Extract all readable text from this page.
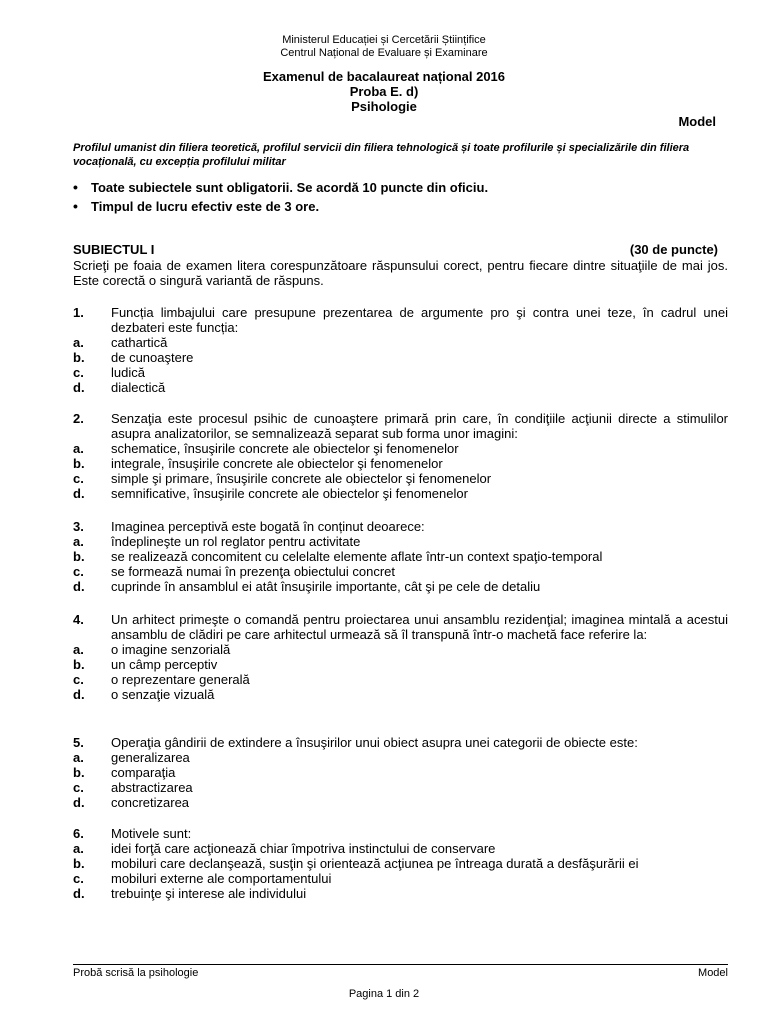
Ministerul Educației și Cercetării Științifice
Centrul Național de Evaluare și Examinare
Examenul de bacalaureat național 2016
Proba E. d)
Psihologie
Model
Profilul umanist din filiera teoretică, profilul servicii din filiera tehnologică și toate profilurile și specializările din filiera vocațională, cu excepția profilului militar
• Toate subiectele sunt obligatorii. Se acordă 10 puncte din oficiu.
• Timpul de lucru efectiv este de 3 ore.
SUBIECTUL I	(30 de puncte)
Scrieţi pe foaia de examen litera corespunzătoare răspunsului corect, pentru fiecare dintre situaţiile de mai jos. Este corectă o singură variantă de răspuns.
1.	Funcția limbajului care presupune prezentarea de argumente pro şi contra unei teze, în cadrul unei dezbateri este funcția:
a.	cathartică
b.	de cunoaştere
c.	ludică
d.	dialectică
2.	Senzaţia este procesul psihic de cunoaştere primară prin care, în condiţiile acţiunii directe a stimulilor asupra analizatorilor, se semnalizează separat sub forma unor imagini:
a.	schematice, însuşirile concrete ale obiectelor şi fenomenelor
b.	integrale, însuşirile concrete ale obiectelor şi fenomenelor
c.	simple şi primare, însuşirile concrete ale obiectelor şi fenomenelor
d.	semnificative, însuşirile concrete ale obiectelor şi fenomenelor
3.	Imaginea perceptivă este bogată în conținut deoarece:
a.	îndeplineşte un rol reglator pentru activitate
b.	se realizează concomitent cu celelalte elemente aflate într-un context spaţio-temporal
c.	se formează numai în prezenţa obiectului concret
d.	cuprinde în ansamblul ei atât însuşirile importante, cât şi pe cele de detaliu
4.	Un arhitect primeşte o comandă pentru proiectarea unui ansamblu rezidenţial; imaginea mintală a acestui ansamblu de clădiri pe care arhitectul urmează să îl transpună într-o machetă face referire la:
a.	o imagine senzorială
b.	un câmp perceptiv
c.	o reprezentare generală
d.	o senzaţie vizuală
5.	Operaţia gândirii de extindere a însuşirilor unui obiect asupra unei categorii de obiecte este:
a.	generalizarea
b.	comparaţia
c.	abstractizarea
d.	concretizarea
6.	Motivele sunt:
a.	idei forţă care acţionează chiar împotriva instinctului de conservare
b.	mobiluri care declanşează, susţin şi orientează acţiunea pe întreaga durată a desfăşurării ei
c.	mobiluri externe ale comportamentului
d.	trebuinţe şi interese ale individului
Probă scrisă la psihologie	Model
Pagina 1 din 2
